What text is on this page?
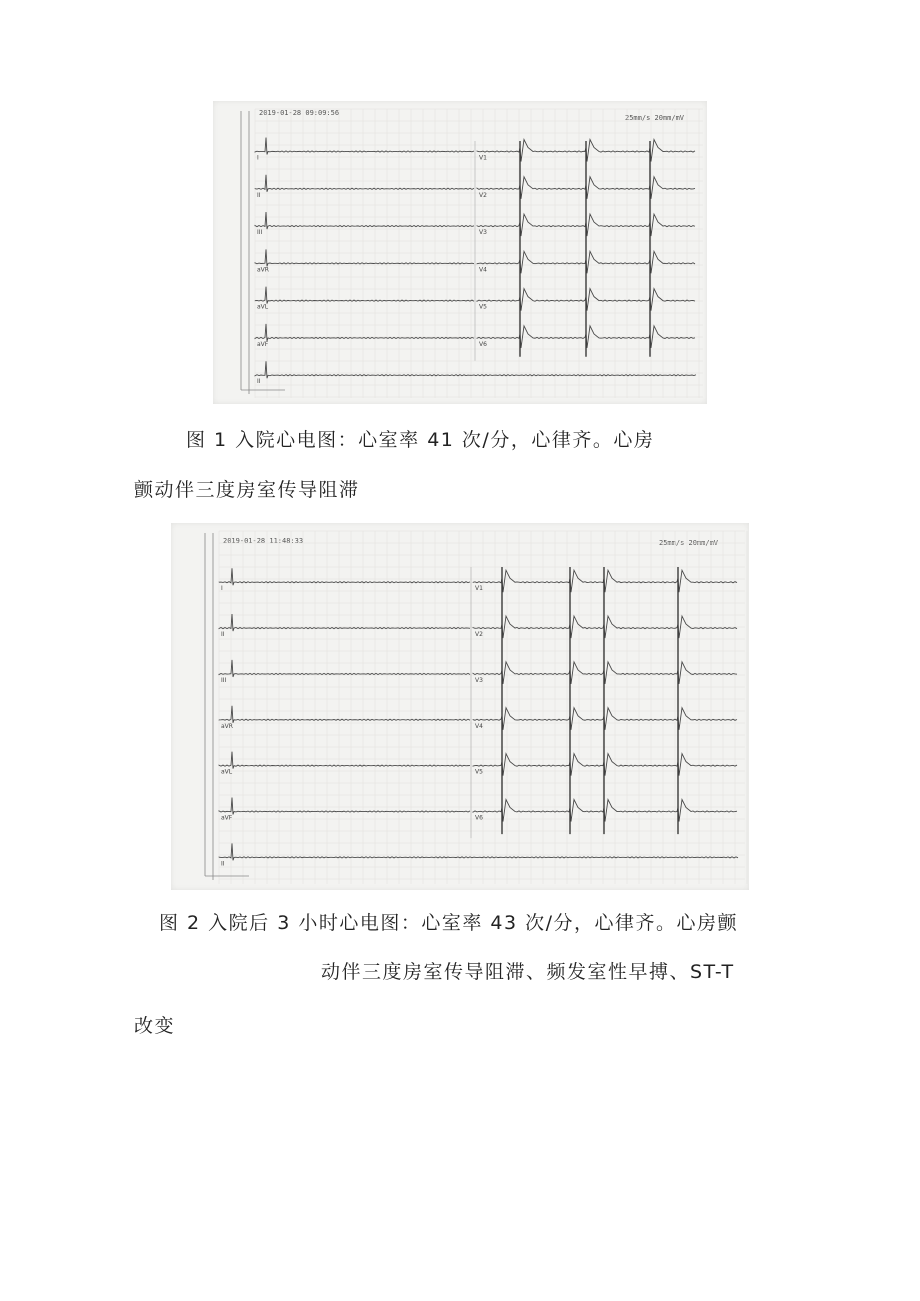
2019-01-28 09:09:56
25mm/s 20mm/mV
I	V1
II	V2
III	V3
aVR	V4
aVL	V5
aVF	V6
II
图 1 入院心电图：心室率 41 次/分，心律齐。心房
颤动伴三度房室传导阻滞
2019-01-28 11:48:33	25mm/s 20mm/mV
I	V1
II	V2
III	V3
aVR	V4
aVL	V5
aVF	V6
II
图 2 入院后 3 小时心电图：心室率 43 次/分，心律齐。心房颤
动伴三度房室传导阻滞、频发室性早搏、ST-T
改变
